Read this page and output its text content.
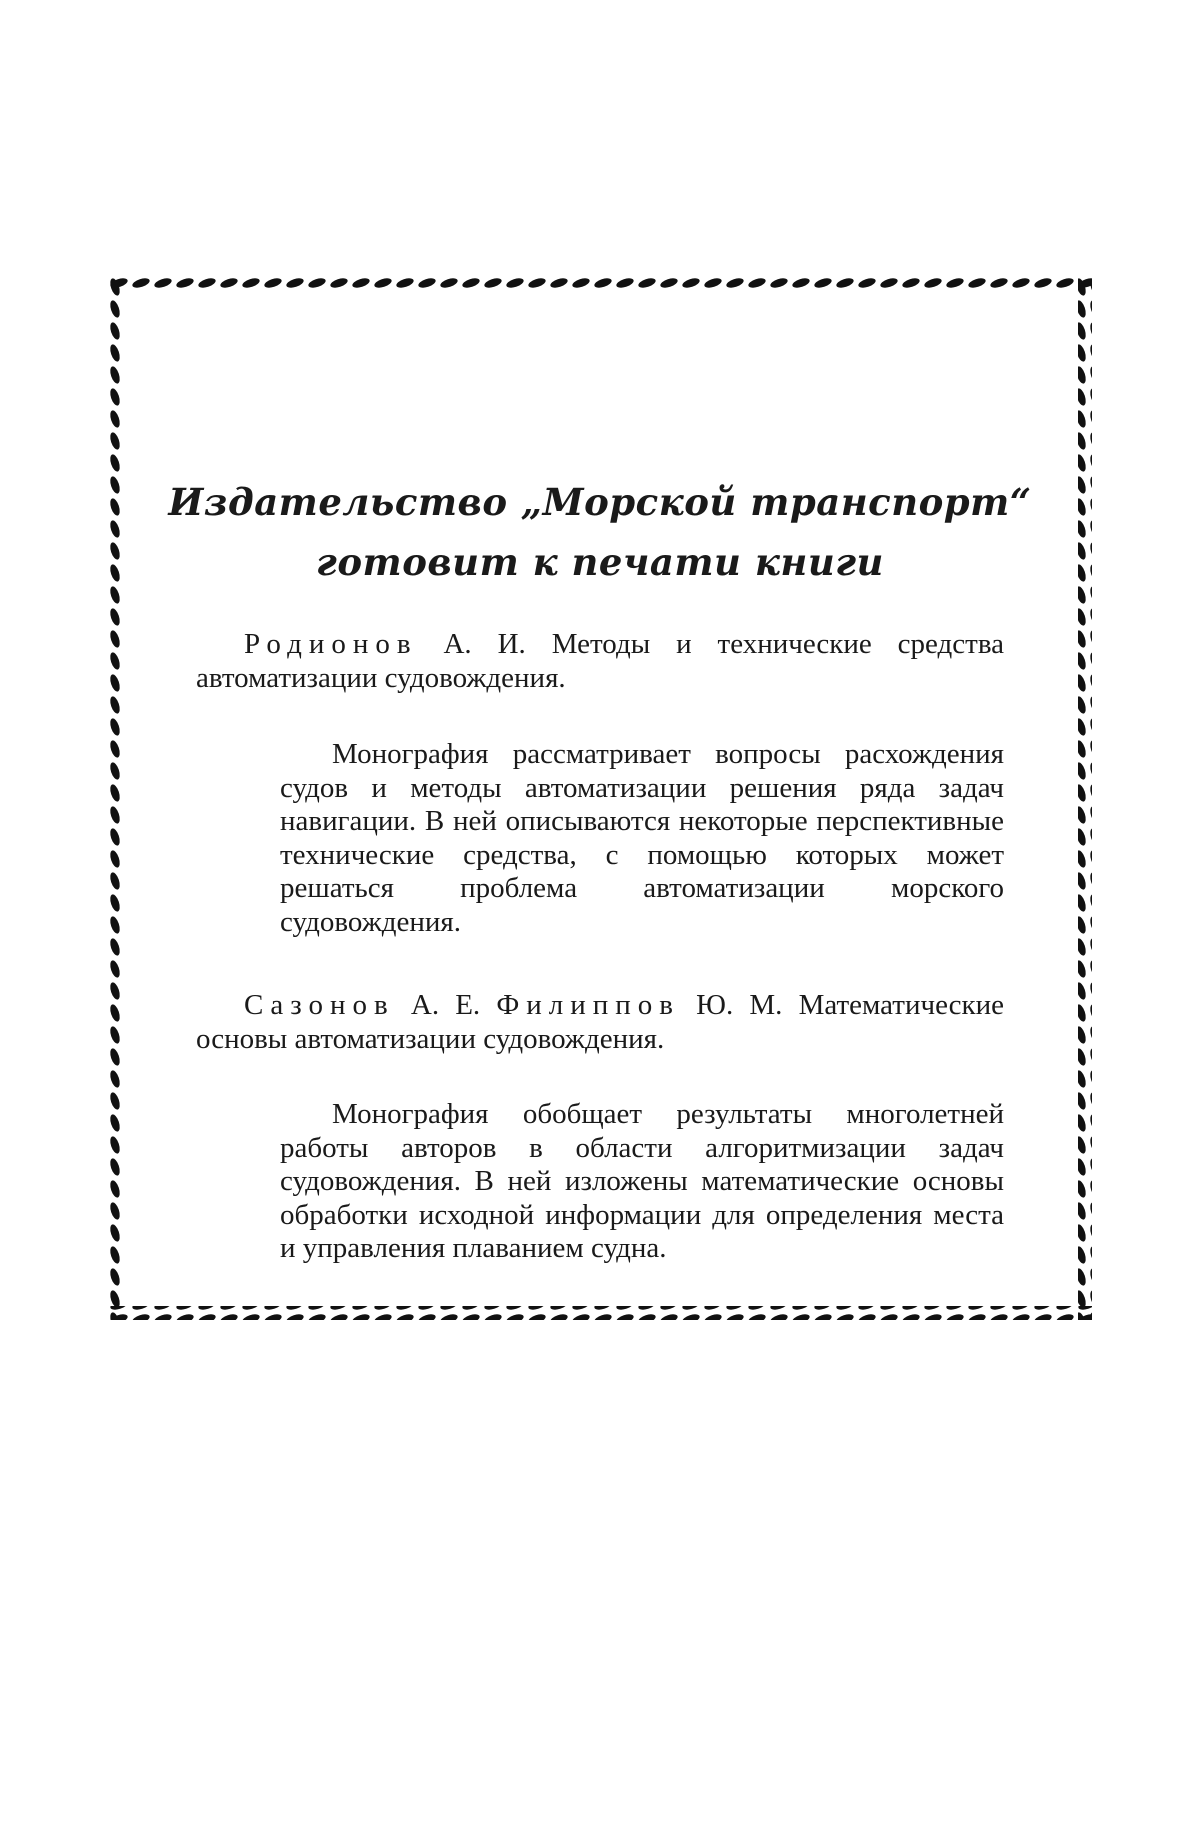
Издательство „Морской транспорт“
готовит к печати книги

Родионов А. И. Методы и технические средства автоматизации судовождения.

Монография рассматривает вопросы расхождения судов и методы автоматизации решения ряда задач навигации. В ней описываются некоторые перспективные технические средства, с помощью которых может решаться проблема автоматизации морского судовождения.

Сазонов А. Е. Филиппов Ю. М. Математические основы автоматизации судовождения.

Монография обобщает результаты многолетней работы авторов в области алгоритмизации задач судовождения. В ней изложены математические основы обработки исходной информации для определения места и управления плаванием судна.
